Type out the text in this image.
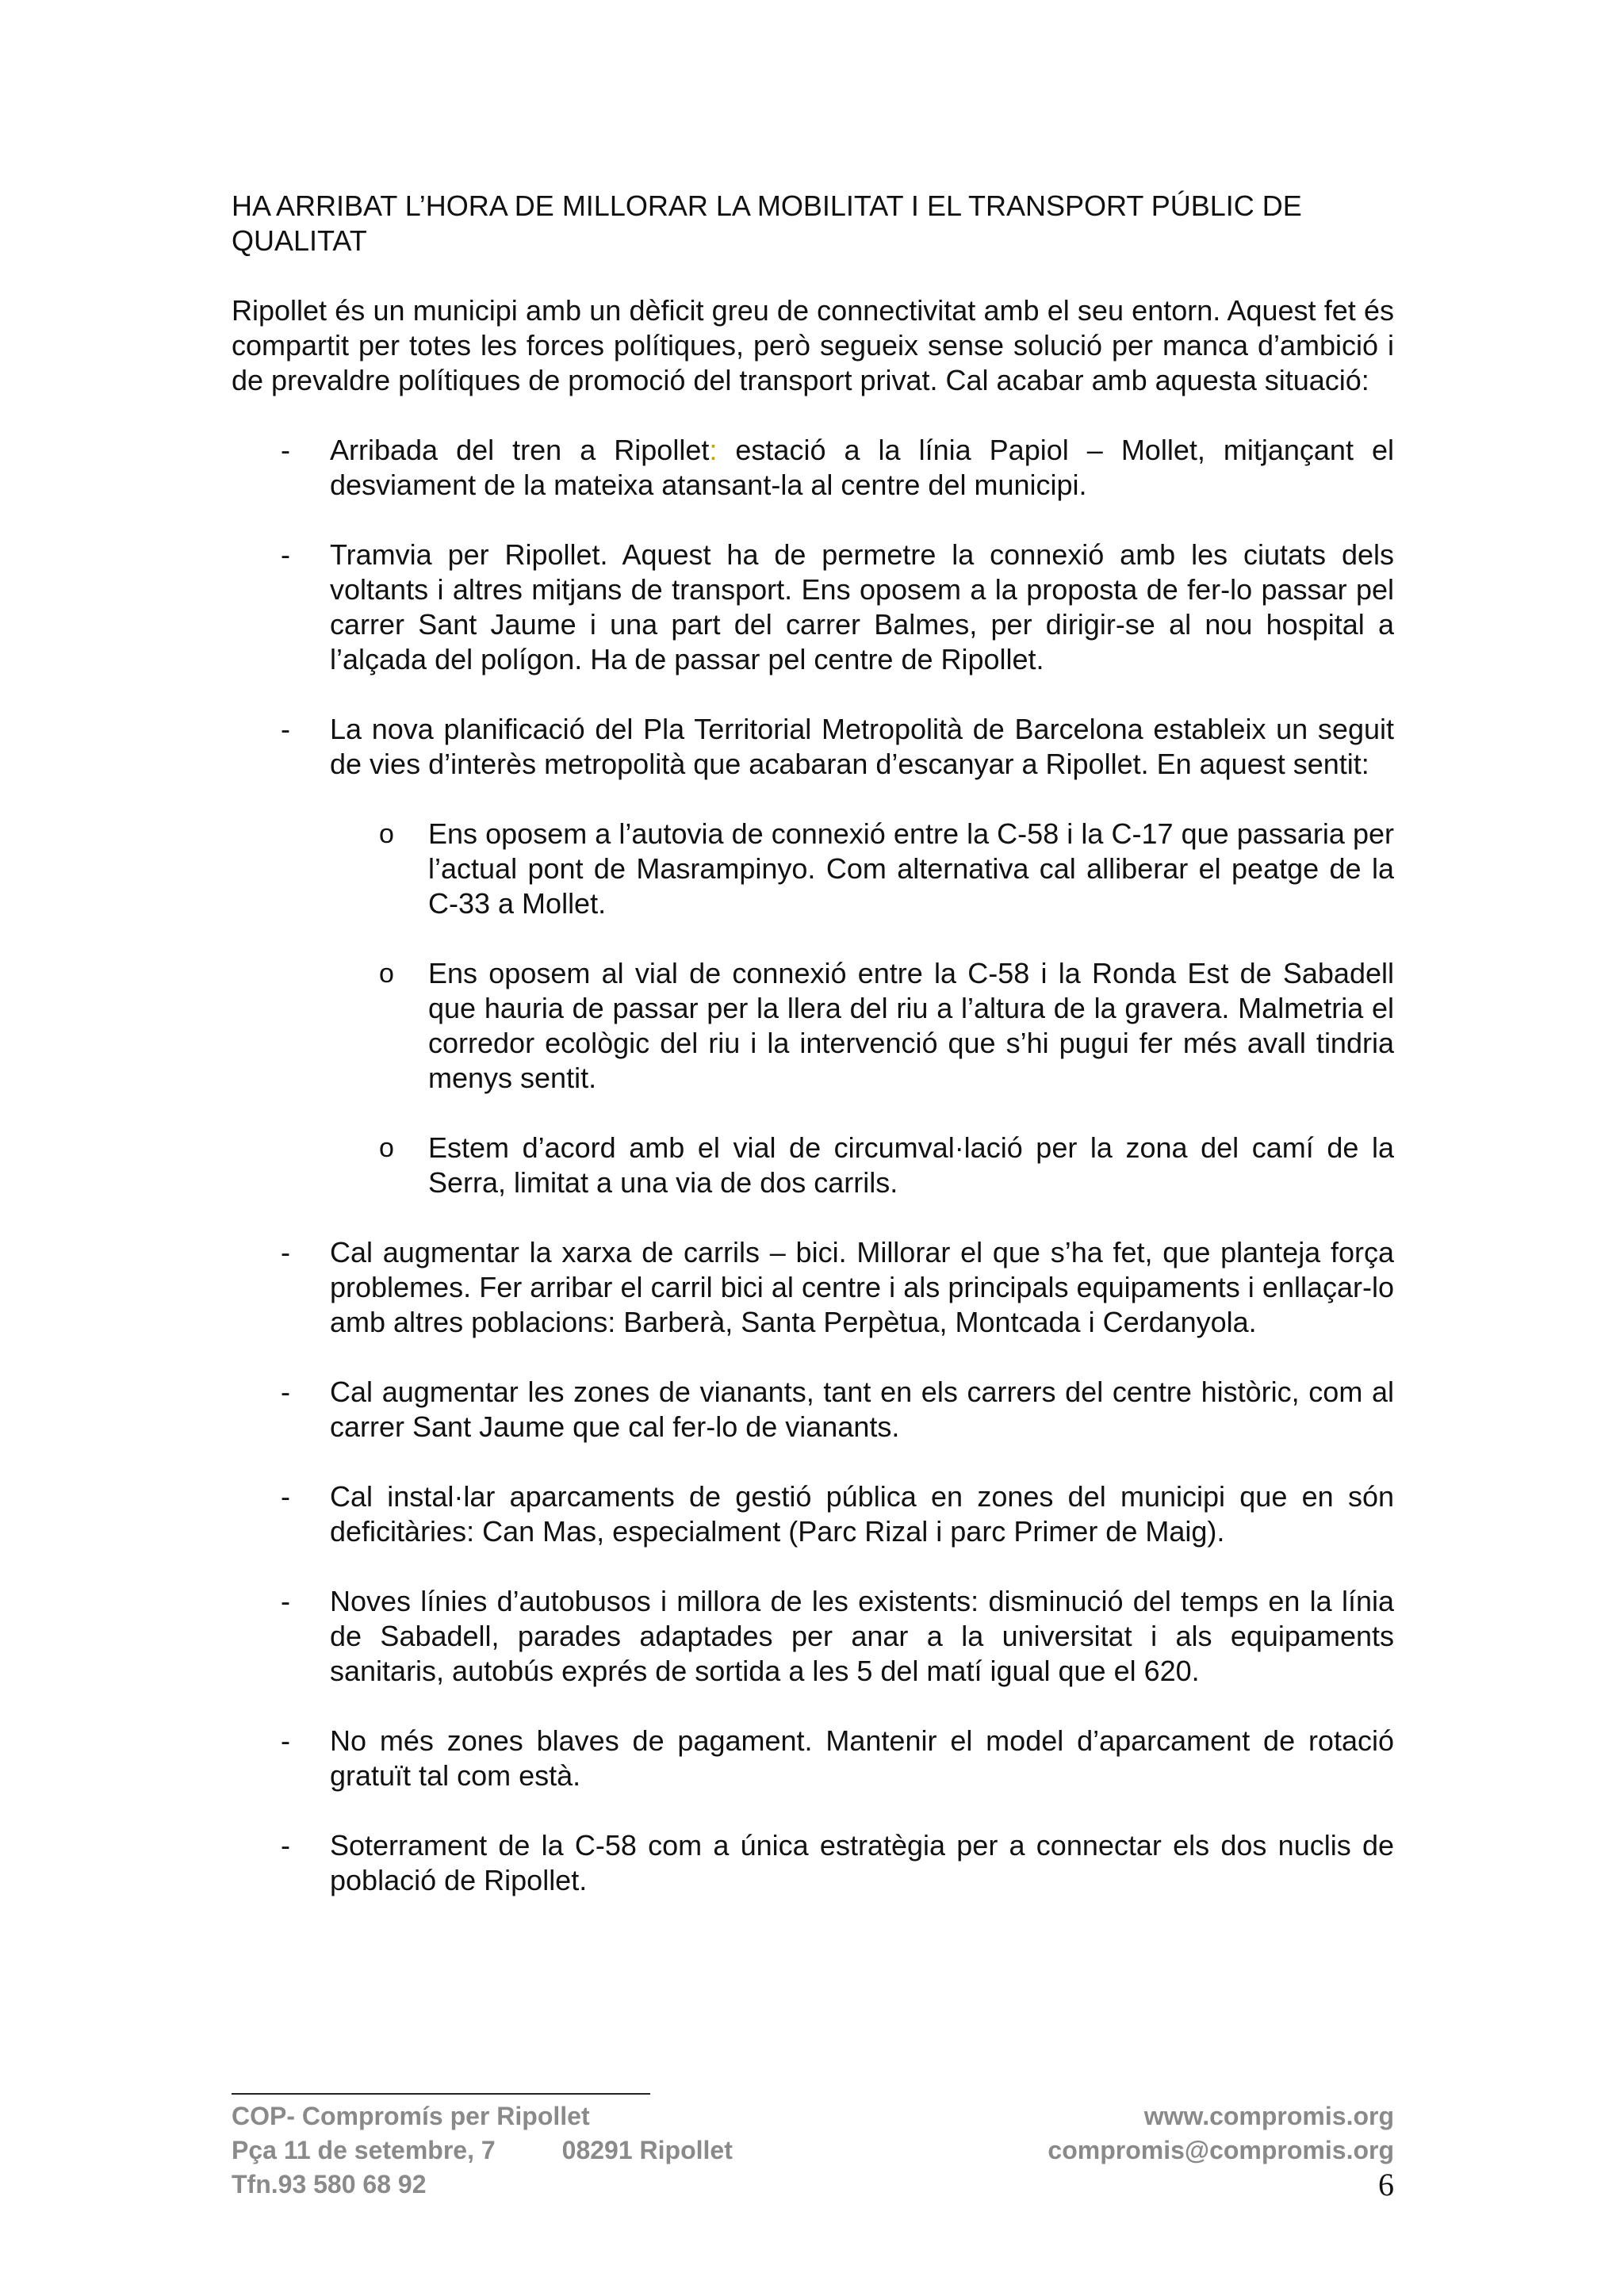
HA ARRIBAT L’HORA DE MILLORAR LA MOBILITAT I EL TRANSPORT PÚBLIC DE QUALITAT

Ripollet és un municipi amb un dèficit greu de connectivitat amb el seu entorn. Aquest fet és compartit per totes les forces polítiques, però segueix sense solució per manca d’ambició i de prevaldre polítiques de promoció del transport privat. Cal acabar amb aquesta situació:

- Arribada del tren a Ripollet: estació a la línia Papiol – Mollet, mitjançant el desviament de la mateixa atansant-la al centre del municipi.

- Tramvia per Ripollet. Aquest ha de permetre la connexió amb les ciutats dels voltants i altres mitjans de transport. Ens oposem a la proposta de fer-lo passar pel carrer Sant Jaume i una part del carrer Balmes, per dirigir-se al nou hospital a l’alçada del polígon. Ha de passar pel centre de Ripollet.

- La nova planificació del Pla Territorial Metropolità de Barcelona estableix un seguit de vies d’interès metropolità que acabaran d’escanyar a Ripollet. En aquest sentit:

o Ens oposem a l’autovia de connexió entre la C-58 i la C-17 que passaria per l’actual pont de Masrampinyo. Com alternativa cal alliberar el peatge de la C-33 a Mollet.

o Ens oposem al vial de connexió entre la C-58 i la Ronda Est de Sabadell que hauria de passar per la llera del riu a l’altura de la gravera. Malmetria el corredor ecològic del riu i la intervenció que s’hi pugui fer més avall tindria menys sentit.

o Estem d’acord amb el vial de circumval·lació per la zona del camí de la Serra, limitat a una via de dos carrils.

- Cal augmentar la xarxa de carrils – bici. Millorar el que s’ha fet, que planteja força problemes. Fer arribar el carril bici al centre i als principals equipaments i enllaçar-lo amb altres poblacions: Barberà, Santa Perpètua, Montcada i Cerdanyola.

- Cal augmentar les zones de vianants, tant en els carrers del centre històric, com al carrer Sant Jaume que cal fer-lo de vianants.

- Cal instal·lar aparcaments de gestió pública en zones del municipi que en són deficitàries: Can Mas, especialment (Parc Rizal i parc Primer de Maig).

- Noves línies d’autobusos i millora de les existents: disminució del temps en la línia de Sabadell, parades adaptades per anar a la universitat i als equipaments sanitaris, autobús exprés de sortida a les 5 del matí igual que el 620.

- No més zones blaves de pagament. Mantenir el model d’aparcament de rotació gratuït tal com està.

- Soterrament de la C-58 com a única estratègia per a connectar els dos nuclis de població de Ripollet.

COP- Compromís per Ripollet
Pça 11 de setembre, 7	08291 Ripollet
Tfn.93 580 68 92
www.compromis.org
compromis@compromis.org
6
